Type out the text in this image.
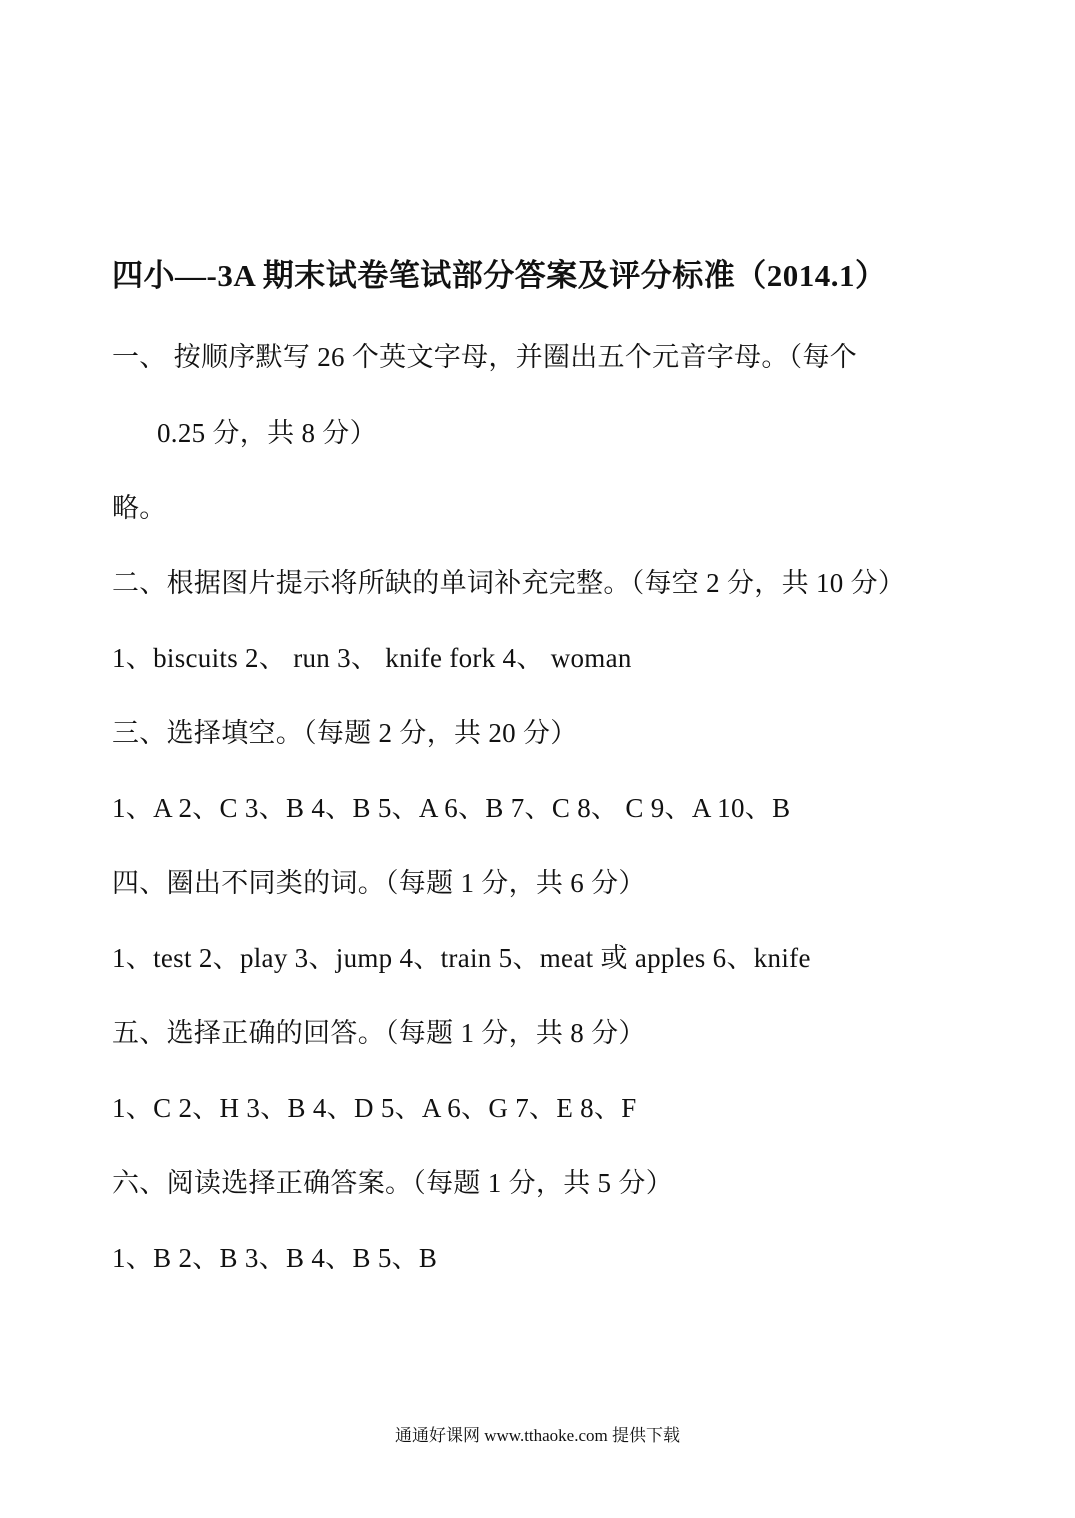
四小—-3A 期末试卷笔试部分答案及评分标准（2014.1）
一、 按顺序默写 26 个英文字母，并圈出五个元音字母。（每个
0.25 分，共 8 分）
略。
二、根据图片提示将所缺的单词补充完整。（每空 2 分，共 10 分）
1、biscuits 2、 run 3、 knife fork 4、 woman
三、选择填空。（每题 2 分，共 20 分）
1、A 2、C 3、B 4、B 5、A 6、B 7、C 8、 C 9、A 10、B
四、圈出不同类的词。（每题 1 分，共 6 分）
1、test 2、play 3、jump 4、train 5、meat 或 apples 6、knife
五、选择正确的回答。（每题 1 分，共 8 分）
1、C 2、H 3、B 4、D 5、A 6、G 7、E 8、F
六、阅读选择正确答案。（每题 1 分，共 5 分）
1、B 2、B 3、B 4、B 5、B
通通好课网 www.tthaoke.com 提供下载
